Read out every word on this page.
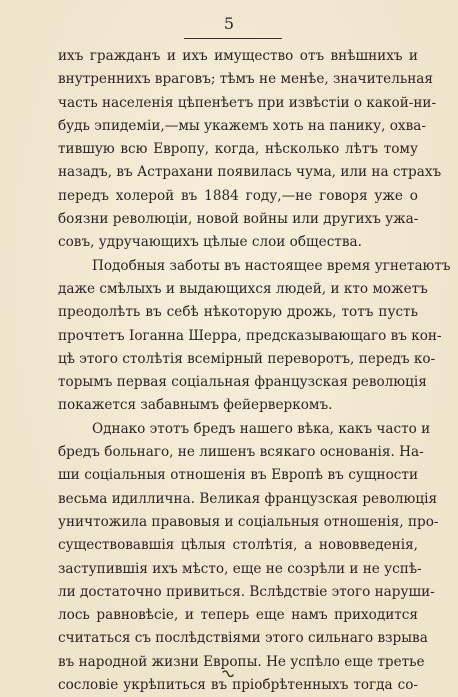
5
ихъ гражданъ и ихъ имущество отъ внѣшнихъ и
внутреннихъ враговъ; тѣмъ не менѣе, значительная
часть населенія цѣпенѣетъ при извѣстіи о какой-ни-
будь эпидеміи,—мы укажемъ хоть на панику, охва-
тившую всю Европу, когда, нѣсколько лѣтъ тому
назадъ, въ Астрахани появилась чума, или на страхъ
передъ холерой въ 1884 году,—не говоря уже о
боязни революціи, новой войны или другихъ ужа-
совъ, удручающихъ цѣлые слои общества.
Подобныя заботы въ настоящее время угнетаютъ
даже смѣлыхъ и выдающихся людей, и кто можетъ
преодолѣть въ себѣ нѣкоторую дрожь, тотъ пусть
прочтетъ Іоганна Шерра, предсказывающаго въ кон-
цѣ этого столѣтія всемірный переворотъ, передъ ко-
торымъ первая соціальная французская революція
покажется забавнымъ фейерверкомъ.
Однако этотъ бредъ нашего вѣка, какъ часто и
бредъ больнаго, не лишенъ всякаго основанія. На-
ши соціальныя отношенія въ Европѣ въ сущности
весьма идиллична. Великая французская революція
уничтожила правовыя и соціальныя отношенія, про-
существовавшія цѣлыя столѣтія, а нововведенія,
заступившія ихъ мѣсто, еще не созрѣли и не успѣ-
ли достаточно привиться. Вслѣдствіе этого наруши-
лось равновѣсіе, и теперь еще намъ приходится
считаться съ послѣдствіями этого сильнаго взрыва
въ народной жизни Европы. Не успѣло еще третье
сословіе укрѣпиться въ пріобрѣтенныхъ тогда со-
